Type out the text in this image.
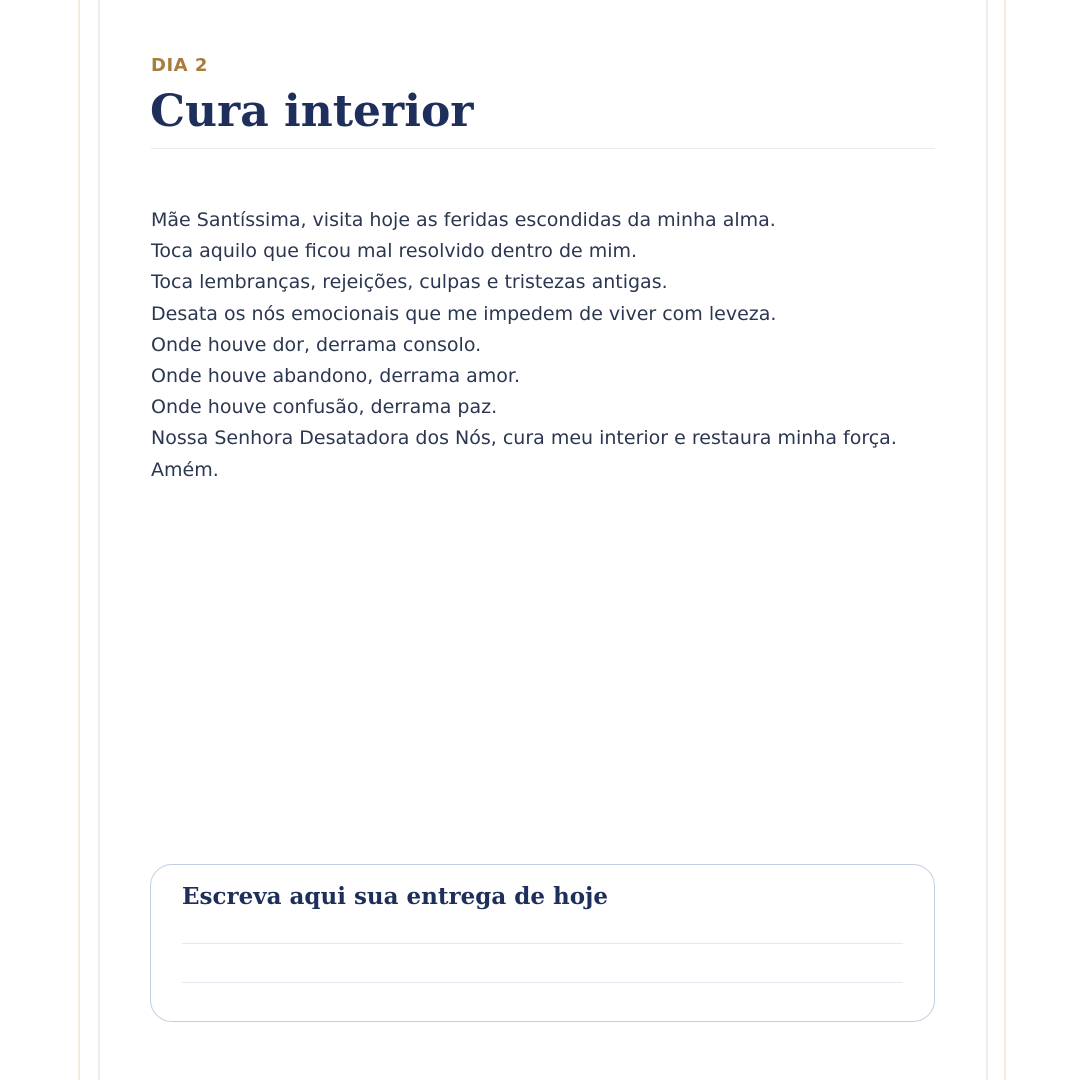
DIA 2

Cura interior
Mãe Santíssima, visita hoje as feridas escondidas da minha alma.
Toca aquilo que ficou mal resolvido dentro de mim.
Toca lembranças, rejeições, culpas e tristezas antigas.
Desata os nós emocionais que me impedem de viver com leveza.
Onde houve dor, derrama consolo.
Onde houve abandono, derrama amor.
Onde houve confusão, derrama paz.
Nossa Senhora Desatadora dos Nós, cura meu interior e restaura minha força.
Amém.
Escreva aqui sua entrega de hoje
